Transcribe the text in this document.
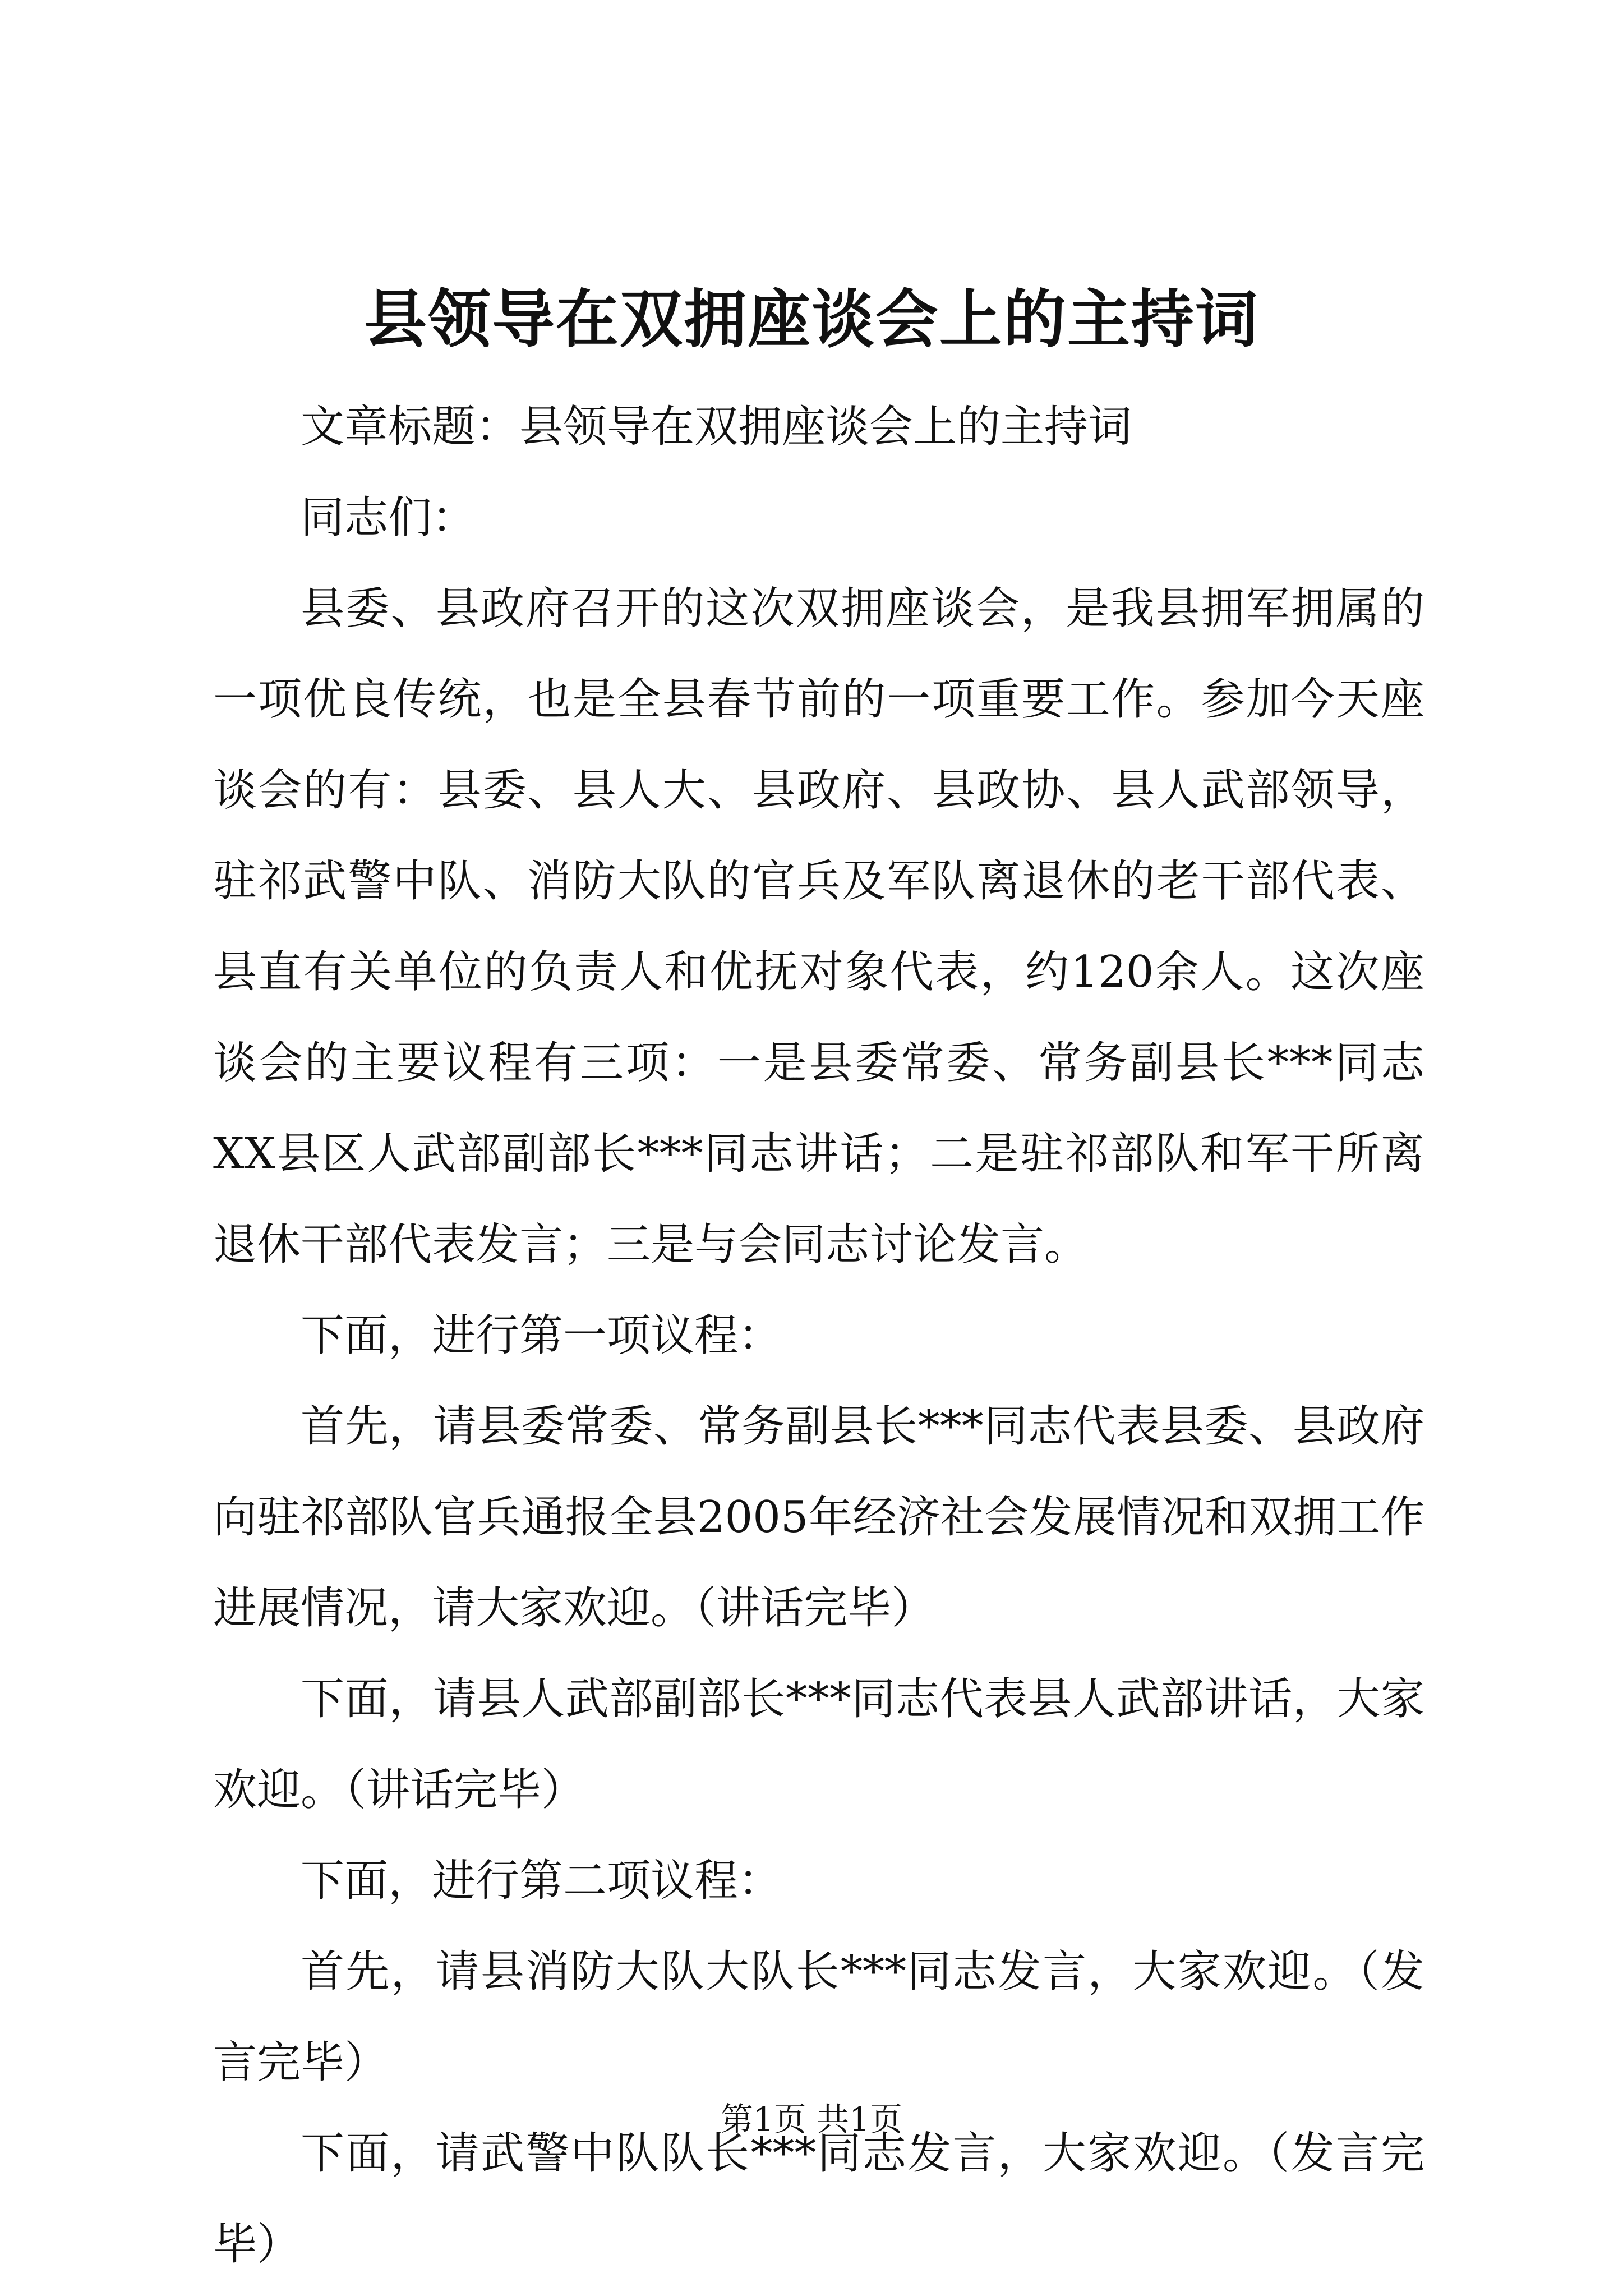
县领导在双拥座谈会上的主持词

文章标题：县领导在双拥座谈会上的主持词

同志们：

县委、县政府召开的这次双拥座谈会，是我县拥军拥属的一项优良传统，也是全县春节前的一项重要工作。参加今天座谈会的有：县委、县人大、县政府、县政协、县人武部领导，驻祁武警中队、消防大队的官兵及军队离退休的老干部代表、县直有关单位的负责人和优抚对象代表，约120余人。这次座谈会的主要议程有三项：一是县委常委、常务副县长***同志XX县区人武部副部长***同志讲话；二是驻祁部队和军干所离退休干部代表发言；三是与会同志讨论发言。

下面，进行第一项议程：

首先，请县委常委、常务副县长***同志代表县委、县政府向驻祁部队官兵通报全县2005年经济社会发展情况和双拥工作进展情况，请大家欢迎。（讲话完毕）

下面，请县人武部副部长***同志代表县人武部讲话，大家欢迎。（讲话完毕）

下面，进行第二项议程：

首先，请县消防大队大队长***同志发言，大家欢迎。（发言完毕）

下面，请武警中队队长***同志发言，大家欢迎。（发言完毕）

第1页 共1页
